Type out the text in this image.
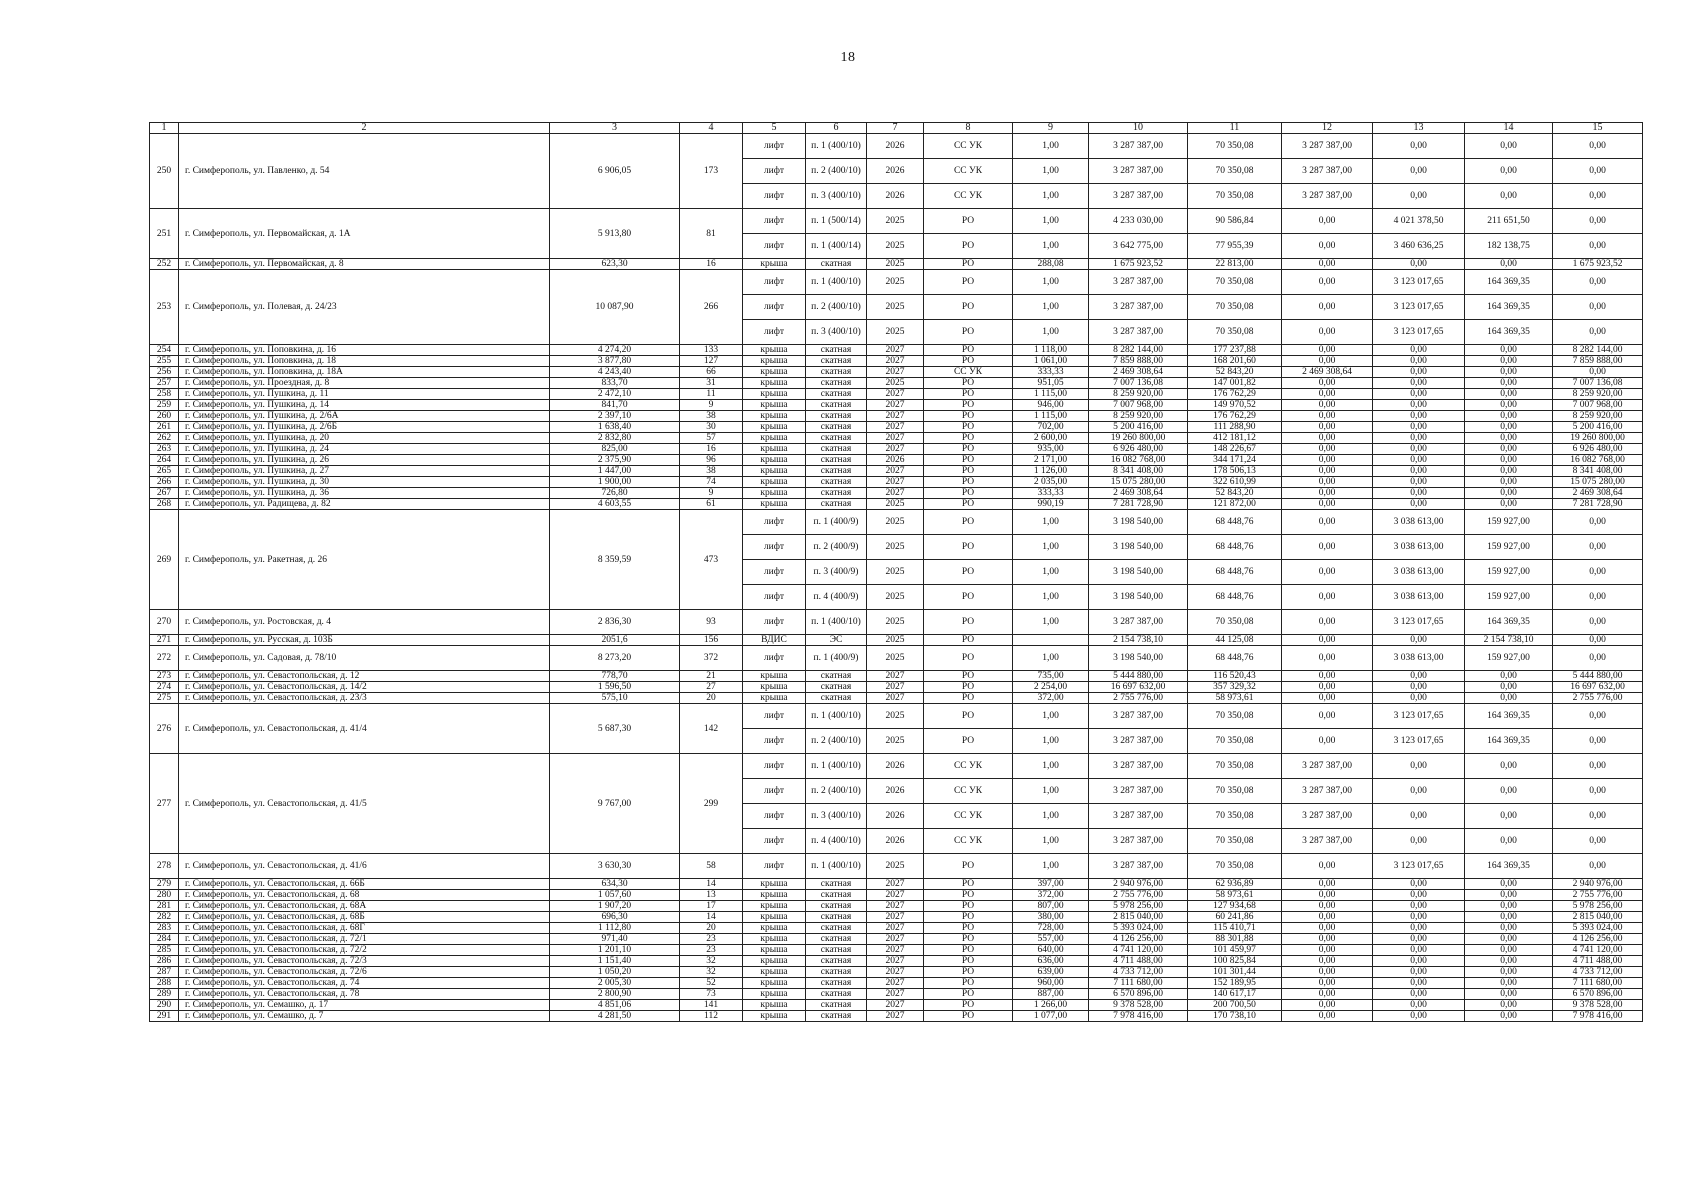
18
1	2	3	4	5	6	7	8	9	10	11	12	13	14	15
250	г. Симферополь, ул. Павленко, д. 54	6 906,05	173	лифт	п. 1 (400/10)	2026	СС УК	1,00	3 287 387,00	70 350,08	3 287 387,00	0,00	0,00	0,00
				лифт	п. 2 (400/10)	2026	СС УК	1,00	3 287 387,00	70 350,08	3 287 387,00	0,00	0,00	0,00
				лифт	п. 3 (400/10)	2026	СС УК	1,00	3 287 387,00	70 350,08	3 287 387,00	0,00	0,00	0,00
251	г. Симферополь, ул. Первомайская, д. 1А	5 913,80	81	лифт	п. 1 (500/14)	2025	РО	1,00	4 233 030,00	90 586,84	0,00	4 021 378,50	211 651,50	0,00
				лифт	п. 1 (400/14)	2025	РО	1,00	3 642 775,00	77 955,39	0,00	3 460 636,25	182 138,75	0,00
252	г. Симферополь, ул. Первомайская, д. 8	623,30	16	крыша	скатная	2025	РО	288,08	1 675 923,52	22 813,00	0,00	0,00	0,00	1 675 923,52
253	г. Симферополь, ул. Полевая, д. 24/23	10 087,90	266	лифт	п. 1 (400/10)	2025	РО	1,00	3 287 387,00	70 350,08	0,00	3 123 017,65	164 369,35	0,00
				лифт	п. 2 (400/10)	2025	РО	1,00	3 287 387,00	70 350,08	0,00	3 123 017,65	164 369,35	0,00
				лифт	п. 3 (400/10)	2025	РО	1,00	3 287 387,00	70 350,08	0,00	3 123 017,65	164 369,35	0,00
254	г. Симферополь, ул. Поповкина, д. 16	4 274,20	133	крыша	скатная	2027	РО	1 118,00	8 282 144,00	177 237,88	0,00	0,00	0,00	8 282 144,00
255	г. Симферополь, ул. Поповкина, д. 18	3 877,80	127	крыша	скатная	2027	РО	1 061,00	7 859 888,00	168 201,60	0,00	0,00	0,00	7 859 888,00
256	г. Симферополь, ул. Поповкина, д. 18А	4 243,40	66	крыша	скатная	2027	СС УК	333,33	2 469 308,64	52 843,20	2 469 308,64	0,00	0,00	0,00
257	г. Симферополь, ул. Проездная, д. 8	833,70	31	крыша	скатная	2025	РО	951,05	7 007 136,08	147 001,82	0,00	0,00	0,00	7 007 136,08
258	г. Симферополь, ул. Пушкина, д. 11	2 472,10	11	крыша	скатная	2027	РО	1 115,00	8 259 920,00	176 762,29	0,00	0,00	0,00	8 259 920,00
259	г. Симферополь, ул. Пушкина, д. 14	841,70	9	крыша	скатная	2027	РО	946,00	7 007 968,00	149 970,52	0,00	0,00	0,00	7 007 968,00
260	г. Симферополь, ул. Пушкина, д. 2/6А	2 397,10	38	крыша	скатная	2027	РО	1 115,00	8 259 920,00	176 762,29	0,00	0,00	0,00	8 259 920,00
261	г. Симферополь, ул. Пушкина, д. 2/6Б	1 638,40	30	крыша	скатная	2027	РО	702,00	5 200 416,00	111 288,90	0,00	0,00	0,00	5 200 416,00
262	г. Симферополь, ул. Пушкина, д. 20	2 832,80	57	крыша	скатная	2027	РО	2 600,00	19 260 800,00	412 181,12	0,00	0,00	0,00	19 260 800,00
263	г. Симферополь, ул. Пушкина, д. 24	825,00	16	крыша	скатная	2027	РО	935,00	6 926 480,00	148 226,67	0,00	0,00	0,00	6 926 480,00
264	г. Симферополь, ул. Пушкина, д. 26	2 375,90	96	крыша	скатная	2026	РО	2 171,00	16 082 768,00	344 171,24	0,00	0,00	0,00	16 082 768,00
265	г. Симферополь, ул. Пушкина, д. 27	1 447,00	38	крыша	скатная	2027	РО	1 126,00	8 341 408,00	178 506,13	0,00	0,00	0,00	8 341 408,00
266	г. Симферополь, ул. Пушкина, д. 30	1 900,00	74	крыша	скатная	2027	РО	2 035,00	15 075 280,00	322 610,99	0,00	0,00	0,00	15 075 280,00
267	г. Симферополь, ул. Пушкина, д. 36	726,80	9	крыша	скатная	2027	РО	333,33	2 469 308,64	52 843,20	0,00	0,00	0,00	2 469 308,64
268	г. Симферополь, ул. Радищева, д. 82	4 603,55	61	крыша	скатная	2025	РО	990,19	7 281 728,90	121 872,00	0,00	0,00	0,00	7 281 728,90
269	г. Симферополь, ул. Ракетная, д. 26	8 359,59	473	лифт	п. 1 (400/9)	2025	РО	1,00	3 198 540,00	68 448,76	0,00	3 038 613,00	159 927,00	0,00
				лифт	п. 2 (400/9)	2025	РО	1,00	3 198 540,00	68 448,76	0,00	3 038 613,00	159 927,00	0,00
				лифт	п. 3 (400/9)	2025	РО	1,00	3 198 540,00	68 448,76	0,00	3 038 613,00	159 927,00	0,00
				лифт	п. 4 (400/9)	2025	РО	1,00	3 198 540,00	68 448,76	0,00	3 038 613,00	159 927,00	0,00
270	г. Симферополь, ул. Ростовская, д. 4	2 836,30	93	лифт	п. 1 (400/10)	2025	РО	1,00	3 287 387,00	70 350,08	0,00	3 123 017,65	164 369,35	0,00
271	г. Симферополь, ул. Русская, д. 103Б	2051,6	156	ВДИС	ЭС	2025	РО		2 154 738,10	44 125,08	0,00	0,00	2 154 738,10	0,00
272	г. Симферополь, ул. Садовая, д. 78/10	8 273,20	372	лифт	п. 1 (400/9)	2025	РО	1,00	3 198 540,00	68 448,76	0,00	3 038 613,00	159 927,00	0,00
273	г. Симферополь, ул. Севастопольская, д. 12	778,70	21	крыша	скатная	2027	РО	735,00	5 444 880,00	116 520,43	0,00	0,00	0,00	5 444 880,00
274	г. Симферополь, ул. Севастопольская, д. 14/2	1 596,50	27	крыша	скатная	2027	РО	2 254,00	16 697 632,00	357 329,32	0,00	0,00	0,00	16 697 632,00
275	г. Симферополь, ул. Севастопольская, д. 23/3	575,10	20	крыша	скатная	2027	РО	372,00	2 755 776,00	58 973,61	0,00	0,00	0,00	2 755 776,00
276	г. Симферополь, ул. Севастопольская, д. 41/4	5 687,30	142	лифт	п. 1 (400/10)	2025	РО	1,00	3 287 387,00	70 350,08	0,00	3 123 017,65	164 369,35	0,00
				лифт	п. 2 (400/10)	2025	РО	1,00	3 287 387,00	70 350,08	0,00	3 123 017,65	164 369,35	0,00
277	г. Симферополь, ул. Севастопольская, д. 41/5	9 767,00	299	лифт	п. 1 (400/10)	2026	СС УК	1,00	3 287 387,00	70 350,08	3 287 387,00	0,00	0,00	0,00
				лифт	п. 2 (400/10)	2026	СС УК	1,00	3 287 387,00	70 350,08	3 287 387,00	0,00	0,00	0,00
				лифт	п. 3 (400/10)	2026	СС УК	1,00	3 287 387,00	70 350,08	3 287 387,00	0,00	0,00	0,00
				лифт	п. 4 (400/10)	2026	СС УК	1,00	3 287 387,00	70 350,08	3 287 387,00	0,00	0,00	0,00
278	г. Симферополь, ул. Севастопольская, д. 41/6	3 630,30	58	лифт	п. 1 (400/10)	2025	РО	1,00	3 287 387,00	70 350,08	0,00	3 123 017,65	164 369,35	0,00
279	г. Симферополь, ул. Севастопольская, д. 66Б	634,30	14	крыша	скатная	2027	РО	397,00	2 940 976,00	62 936,89	0,00	0,00	0,00	2 940 976,00
280	г. Симферополь, ул. Севастопольская, д. 68	1 057,60	13	крыша	скатная	2027	РО	372,00	2 755 776,00	58 973,61	0,00	0,00	0,00	2 755 776,00
281	г. Симферополь, ул. Севастопольская, д. 68А	1 907,20	17	крыша	скатная	2027	РО	807,00	5 978 256,00	127 934,68	0,00	0,00	0,00	5 978 256,00
282	г. Симферополь, ул. Севастопольская, д. 68Б	696,30	14	крыша	скатная	2027	РО	380,00	2 815 040,00	60 241,86	0,00	0,00	0,00	2 815 040,00
283	г. Симферополь, ул. Севастопольская, д. 68Г	1 112,80	20	крыша	скатная	2027	РО	728,00	5 393 024,00	115 410,71	0,00	0,00	0,00	5 393 024,00
284	г. Симферополь, ул. Севастопольская, д. 72/1	971,40	23	крыша	скатная	2027	РО	557,00	4 126 256,00	88 301,88	0,00	0,00	0,00	4 126 256,00
285	г. Симферополь, ул. Севастопольская, д. 72/2	1 201,10	23	крыша	скатная	2027	РО	640,00	4 741 120,00	101 459,97	0,00	0,00	0,00	4 741 120,00
286	г. Симферополь, ул. Севастопольская, д. 72/3	1 151,40	32	крыша	скатная	2027	РО	636,00	4 711 488,00	100 825,84	0,00	0,00	0,00	4 711 488,00
287	г. Симферополь, ул. Севастопольская, д. 72/6	1 050,20	32	крыша	скатная	2027	РО	639,00	4 733 712,00	101 301,44	0,00	0,00	0,00	4 733 712,00
288	г. Симферополь, ул. Севастопольская, д. 74	2 005,30	52	крыша	скатная	2027	РО	960,00	7 111 680,00	152 189,95	0,00	0,00	0,00	7 111 680,00
289	г. Симферополь, ул. Севастопольская, д. 78	2 800,90	73	крыша	скатная	2027	РО	887,00	6 570 896,00	140 617,17	0,00	0,00	0,00	6 570 896,00
290	г. Симферополь, ул. Семашко, д. 17	4 851,06	141	крыша	скатная	2027	РО	1 266,00	9 378 528,00	200 700,50	0,00	0,00	0,00	9 378 528,00
291	г. Симферополь, ул. Семашко, д. 7	4 281,50	112	крыша	скатная	2027	РО	1 077,00	7 978 416,00	170 738,10	0,00	0,00	0,00	7 978 416,00
